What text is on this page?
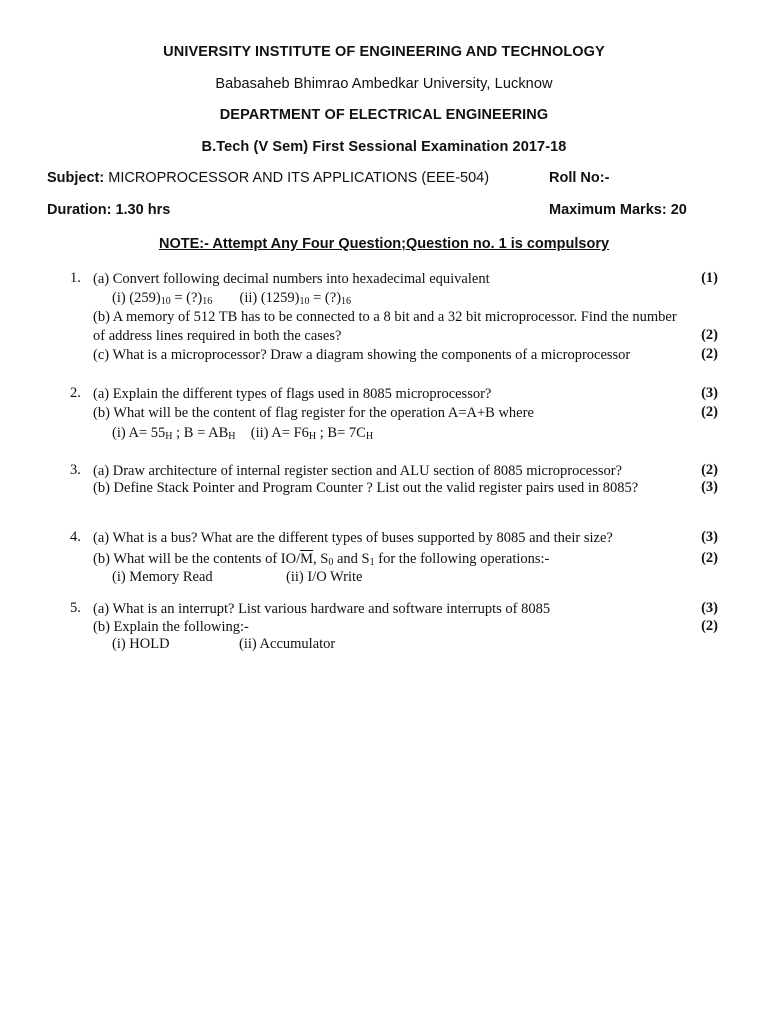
UNIVERSITY INSTITUTE OF ENGINEERING AND TECHNOLOGY
Babasaheb Bhimrao Ambedkar University, Lucknow
DEPARTMENT OF ELECTRICAL ENGINEERING
B.Tech (V Sem) First Sessional Examination 2017-18
Subject: MICROPROCESSOR AND ITS APPLICATIONS (EEE-504)	Roll No:-
Duration: 1.30 hrs	Maximum Marks: 20
NOTE:- Attempt Any Four Question;Question no. 1 is compulsory
1. (a) Convert following decimal numbers into hexadecimal equivalent	(1)
(i) $(259)_{10}$ = $(?)_{16}$ (ii) $(1259)_{10}$ = $(?)_{16}$
(b) A memory of 512 TB has to be connected to a 8 bit and a 32 bit microprocessor. Find the number
of address lines required in both the cases?	(2)
(c) What is a microprocessor? Draw a diagram showing the components of a microprocessor	(2)
2. (a) Explain the different types of flags used in 8085 microprocessor?	(3)
(b) What will be the content of flag register for the operation A=A+B where	(2)
(i) $A= 55_H$ ; $B = AB_H$ (ii) $A= F6_H$ ; $B= 7C_H$
3. (a) Draw architecture of internal register section and ALU section of 8085 microprocessor?	(2)
(b) Define Stack Pointer and Program Counter ? List out the valid register pairs used in 8085?	(3)
4. (a) What is a bus? What are the different types of buses supported by 8085 and their size?	(3)
(b) What will be the contents of $IO/\overline{M}$, $S_0$ and $S_1$ for the following operations:-	(2)
(i) Memory Read	(ii) I/O Write
5. (a) What is an interrupt? List various hardware and software interrupts of 8085	(3)
(b) Explain the following:-	(2)
(i) HOLD	(ii) Accumulator
